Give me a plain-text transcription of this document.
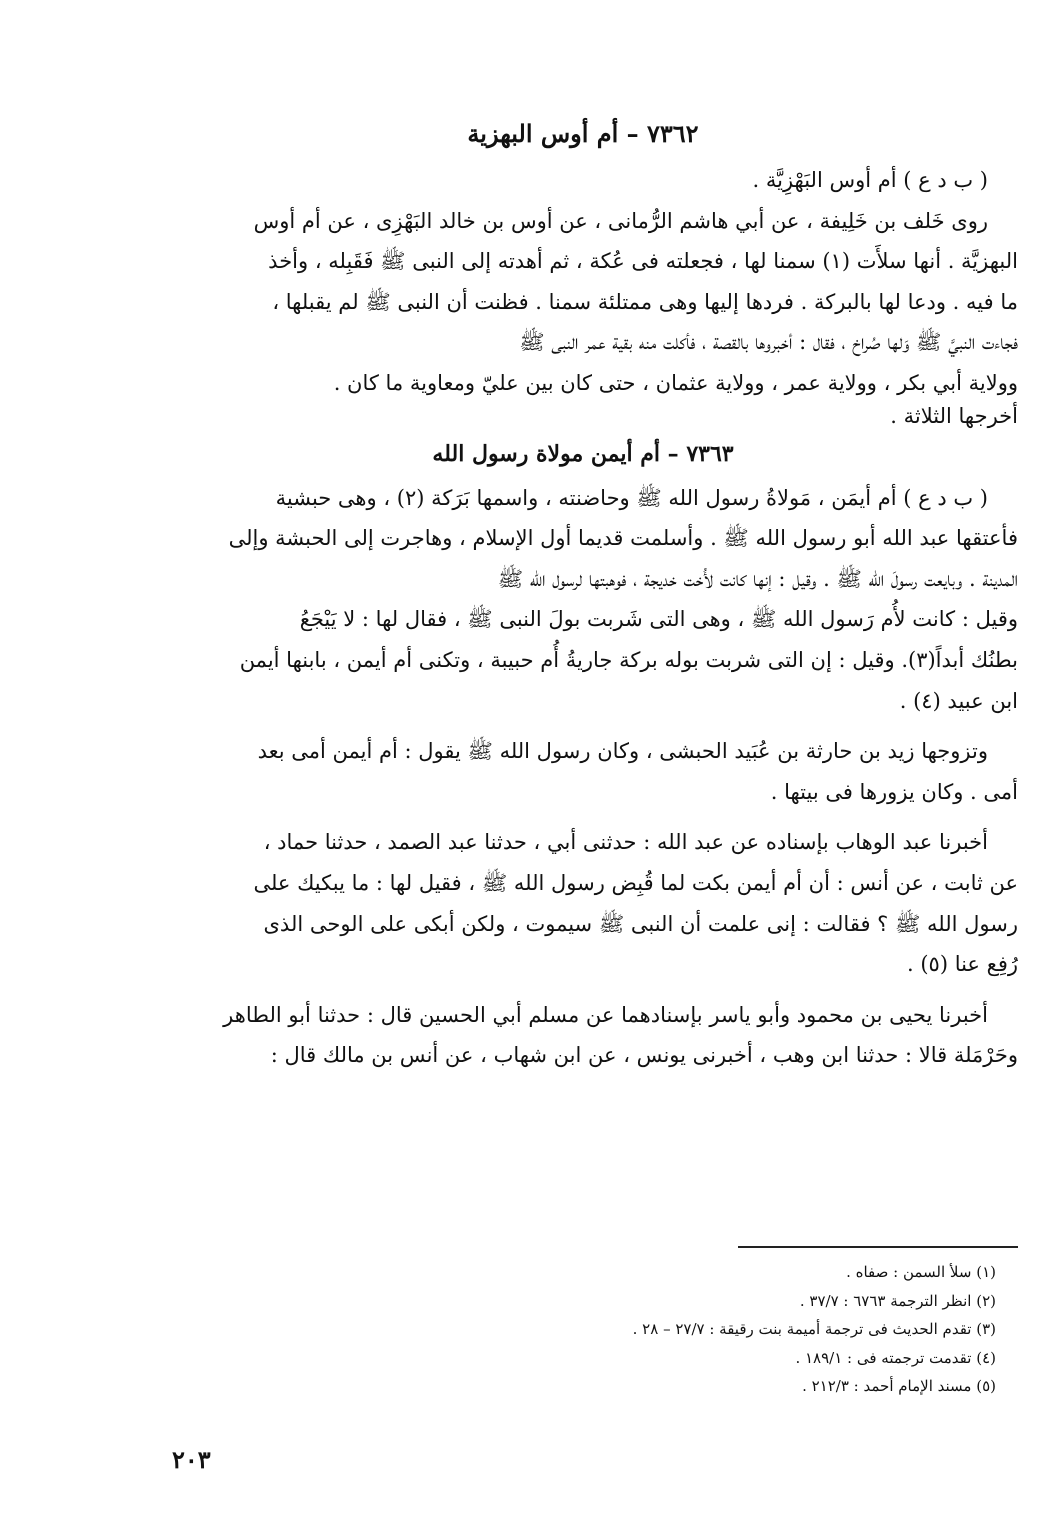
٧٣٦٢ – أم أوس البهزية

( ب د ع ) أم أوس البَهْزِيَّة .

روى خَلف بن خَلِيفة ، عن أبي هاشم الرُّمانى ، عن أوس بن خالد البَهْزِى ، عن أم أوس

البهزيَّة . أنها سلأَت (١) سمنا لها ، فجعلته فى عُكة ، ثم أهدته إلى النبى ﷺ فَقَبِله ، وأخذ

ما فيه . ودعا لها بالبركة . فردها إليها وهى ممتلئة سمنا . فظنت أن النبى ﷺ لم يقبلها ،

فجاءت النبيَّ ﷺ وَلها صُراخ ، فقال : أخبروها بالقصة ، فأكلت منه بقية عمر النبى ﷺ

وولاية أبي بكر ، وولاية عمر ، وولاية عثمان ، حتى كان بين عليّ ومعاوية ما كان .

أخرجها الثلاثة .

٧٣٦٣ – أم أيمن مولاة رسول الله

( ب د ع ) أم أيمَن ، مَولاةُ رسول الله ﷺ وحاضنته ، واسمها بَرَكة (٢) ، وهى حبشية

فأعتقها عبد الله أبو رسول الله ﷺ . وأسلمت قديما أول الإسلام ، وهاجرت إلى الحبشة وإلى

المدينة . وبايعت رسولَ الله ﷺ . وقيل : إنها كانت لأُخت خديجة ، فوهبتها لرسول الله ﷺ

وقيل : كانت لأُم رَسول الله ﷺ ، وهى التى شَربت بولَ النبى ﷺ ، فقال لها : لا يَيْجَعُ

بطنُك أبداً(٣). وقيل : إن التى شربت بوله بركة جاريةُ أُم حبيبة ، وتكنى أم أيمن ، بابنها أيمن

ابن عبيد (٤) .

وتزوجها زيد بن حارثة بن عُبَيد الحبشى ، وكان رسول الله ﷺ يقول : أم أيمن أمى بعد

أمى . وكان يزورها فى بيتها .

أخبرنا عبد الوهاب بإسناده عن عبد الله : حدثنى أبي ، حدثنا عبد الصمد ، حدثنا حماد ،

عن ثابت ، عن أنس : أن أم أيمن بكت لما قُبِض رسول الله ﷺ ، فقيل لها : ما يبكيك على

رسول الله ﷺ ؟ فقالت : إنى علمت أن النبى ﷺ سيموت ، ولكن أبكى على الوحى الذى

رُفِع عنا (٥) .

أخبرنا يحيى بن محمود وأبو ياسر بإسنادهما عن مسلم أبي الحسين قال : حدثنا أبو الطاهر

وحَرْمَلة قالا : حدثنا ابن وهب ، أخبرنى يونس ، عن ابن شهاب ، عن أنس بن مالك قال :

(١) سلأ السمن : صفاه .

(٢) انظر الترجمة ٦٧٦٣ : ٣٧/٧ .

(٣) تقدم الحديث فى ترجمة أميمة بنت رقيقة : ٢٧/٧ – ٢٨ .

(٤) تقدمت ترجمته فى : ١٨٩/١ .

(٥) مسند الإمام أحمد : ٢١٢/٣ .

٢٠٣
